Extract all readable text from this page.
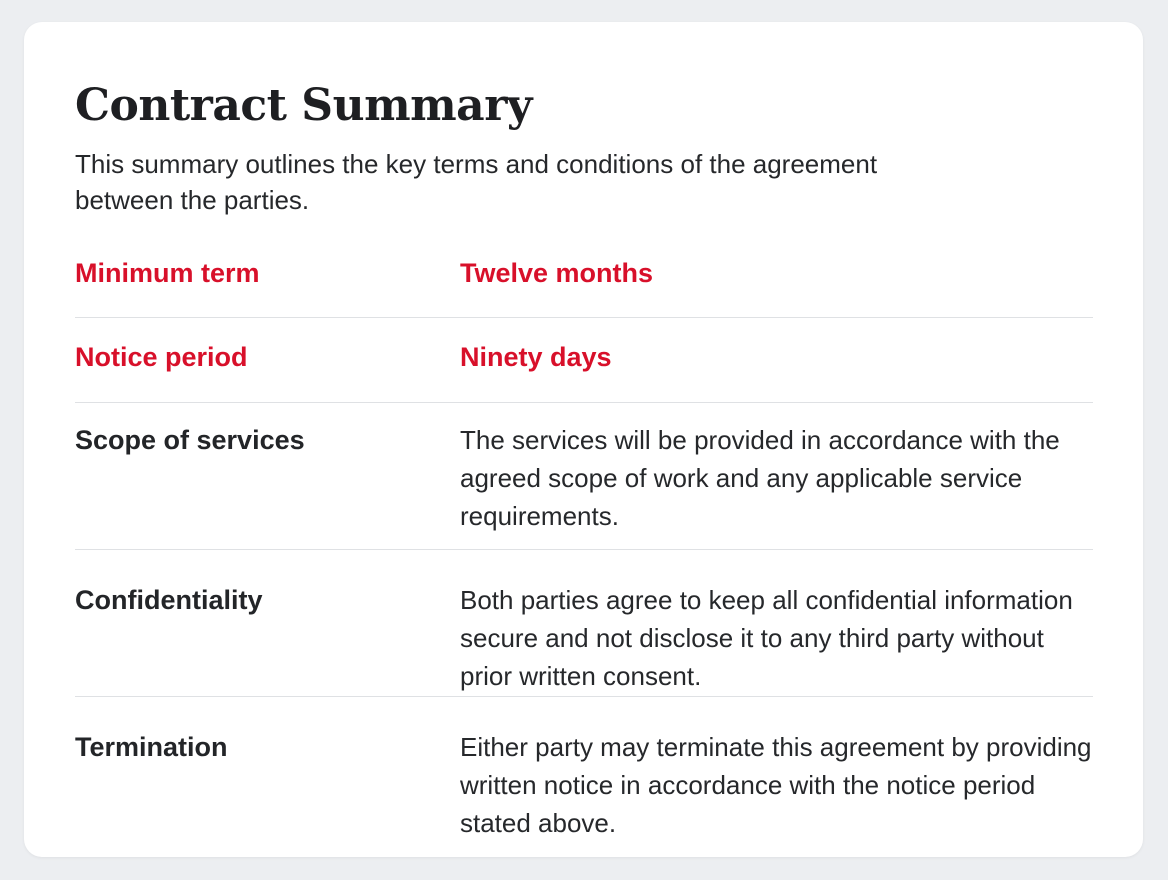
Contract Summary

This summary outlines the key terms and conditions of the agreement between the parties.

Minimum term	Twelve months
Notice period	Ninety days
Scope of services	The services will be provided in accordance with the agreed scope of work and any applicable service requirements.
Confidentiality	Both parties agree to keep all confidential information secure and not disclose it to any third party without prior written consent.
Termination	Either party may terminate this agreement by providing written notice in accordance with the notice period stated above.
